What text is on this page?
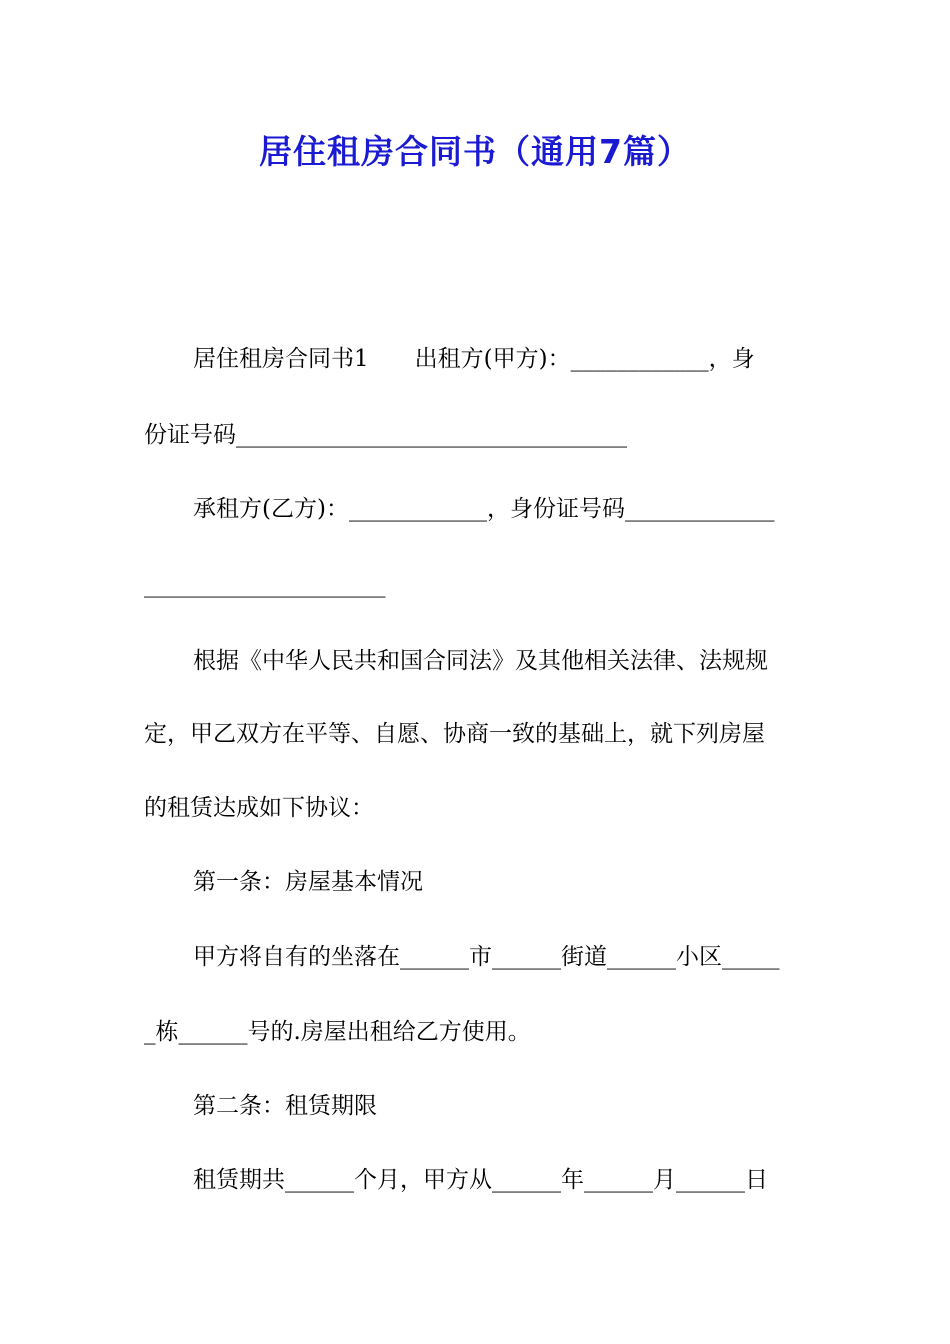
居住租房合同书（通用7篇）

居住租房合同书1　　出租方(甲方)：____________，身

份证号码__________________________________

承租方(乙方)：____________，身份证号码_____________

_____________________

根据《中华人民共和国合同法》及其他相关法律、法规规

定，甲乙双方在平等、自愿、协商一致的基础上，就下列房屋

的租赁达成如下协议：

第一条：房屋基本情况

甲方将自有的坐落在______市______街道______小区_____

_栋______号的.房屋出租给乙方使用。

第二条：租赁期限

租赁期共______个月，甲方从______年______月______日
